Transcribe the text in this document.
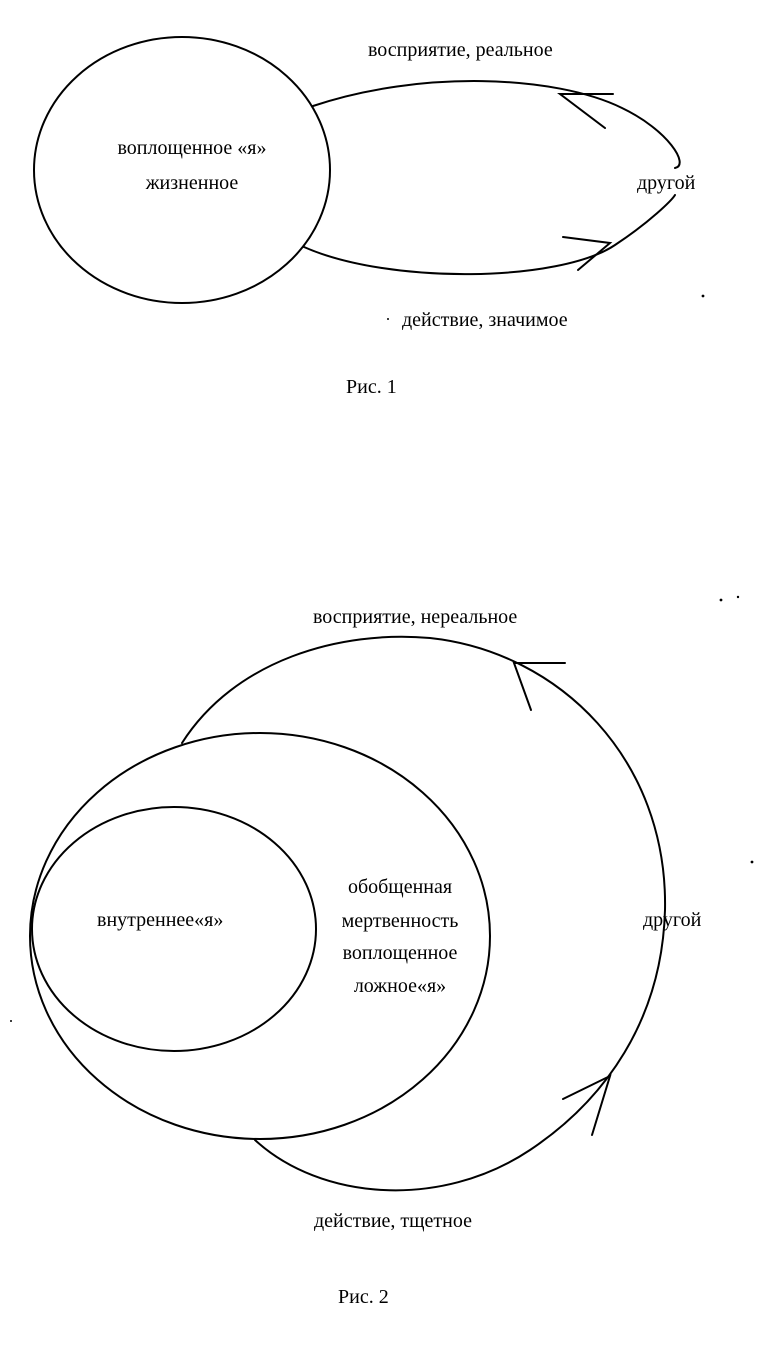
восприятие, реальное
воплощенное «я»
жизненное	другой
действие, значимое
Рис. 1
восприятие, нереальное
внутреннее«я»
обобщенная
мертвенность
воплощенное
ложное«я»
другой
действие, тщетное
Рис. 2
